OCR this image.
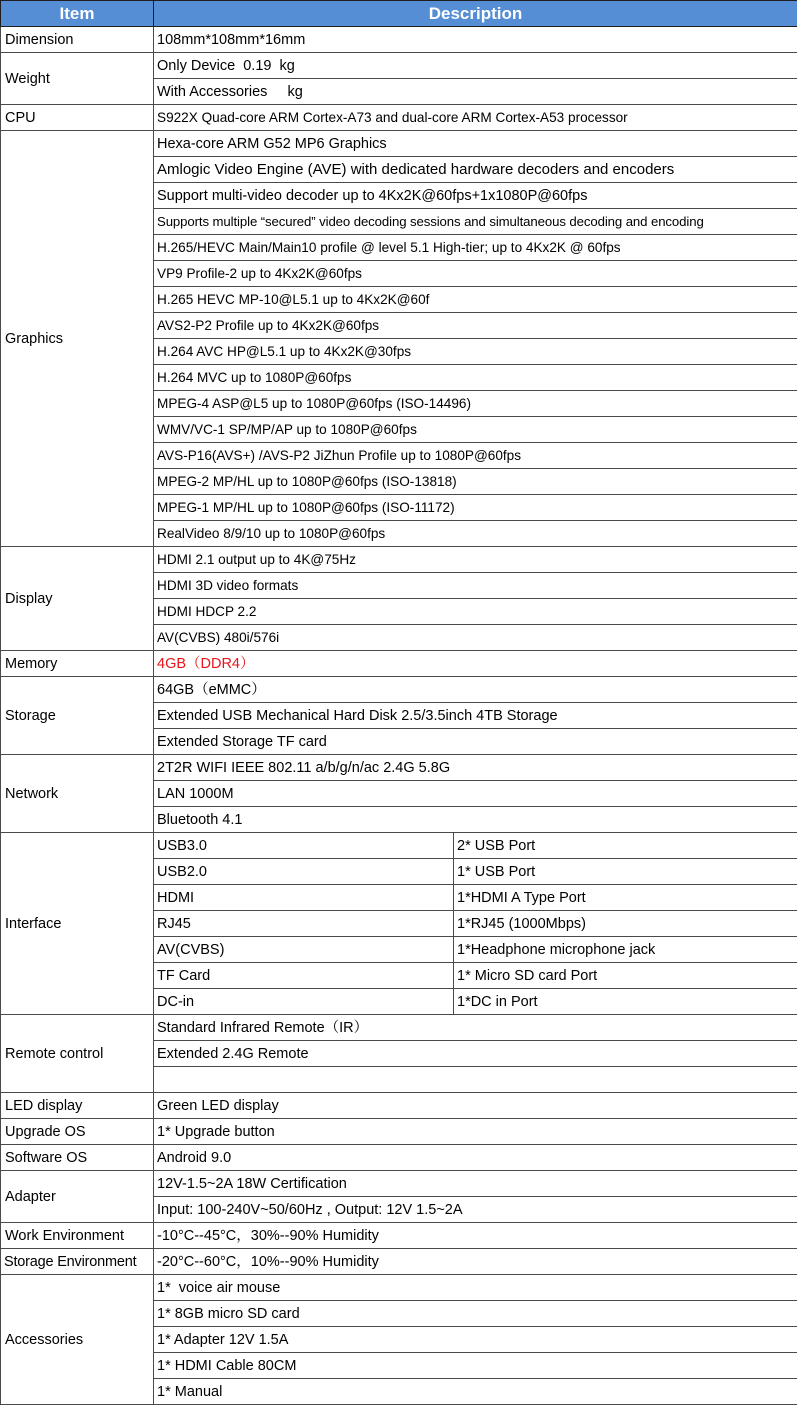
Item	Description	
Dimension	108mm*108mm*16mm	
Weight	Only Device  0.19  kg	
	With Accessories     kg	
CPU	S922X Quad-core ARM Cortex-A73 and dual-core ARM Cortex-A53 processor	
Graphics	Hexa-core ARM G52 MP6 Graphics	
	Amlogic Video Engine (AVE) with dedicated hardware decoders and encoders	
	Support multi-video decoder up to 4Kx2K@60fps+1x1080P@60fps	
	Supports multiple “secured” video decoding sessions and simultaneous decoding and encoding	
	H.265/HEVC Main/Main10 profile @ level 5.1 High-tier; up to 4Kx2K @ 60fps	
	VP9 Profile-2 up to 4Kx2K@60fps	
	H.265 HEVC MP-10@L5.1 up to 4Kx2K@60f	
	AVS2-P2 Profile up to 4Kx2K@60fps	
	H.264 AVC HP@L5.1 up to 4Kx2K@30fps	
	H.264 MVC up to 1080P@60fps	
	MPEG-4 ASP@L5 up to 1080P@60fps (ISO-14496)	
	WMV/VC-1 SP/MP/AP up to 1080P@60fps	
	AVS-P16(AVS+) /AVS-P2 JiZhun Profile up to 1080P@60fps	
	MPEG-2 MP/HL up to 1080P@60fps (ISO-13818)	
	MPEG-1 MP/HL up to 1080P@60fps (ISO-11172)	
	RealVideo 8/9/10 up to 1080P@60fps	
Display	HDMI 2.1 output up to 4K@75Hz	
	HDMI 3D video formats	
	HDMI HDCP 2.2	
	AV(CVBS) 480i/576i	
Memory	4GB（DDR4）	
Storage	64GB（eMMC）	
	Extended USB Mechanical Hard Disk 2.5/3.5inch 4TB Storage	
	Extended Storage TF card	
Network	2T2R WIFI IEEE 802.11 a/b/g/n/ac 2.4G 5.8G	
	LAN 1000M	
	Bluetooth 4.1	
Interface	USB3.0	2* USB Port
	USB2.0	1* USB Port
	HDMI	1*HDMI A Type Port
	RJ45	1*RJ45 (1000Mbps)
	AV(CVBS)	1*Headphone microphone jack
	TF Card	1* Micro SD card Port
	DC-in	1*DC in Port
Remote control	Standard Infrared Remote（IR）	
	Extended 2.4G Remote	

LED display	Green LED display	
Upgrade OS	1* Upgrade button	
Software OS	Android 9.0	
Adapter	12V-1.5~2A 18W Certification	
	Input: 100-240V~50/60Hz , Output: 12V 1.5~2A	
Work Environment	-10°C--45°C，30%--90% Humidity	
Storage Environment	-20°C--60°C，10%--90% Humidity	
Accessories	1*  voice air mouse	
	1* 8GB micro SD card	
	1* Adapter 12V 1.5A	
	1* HDMI Cable 80CM	
	1* Manual	
